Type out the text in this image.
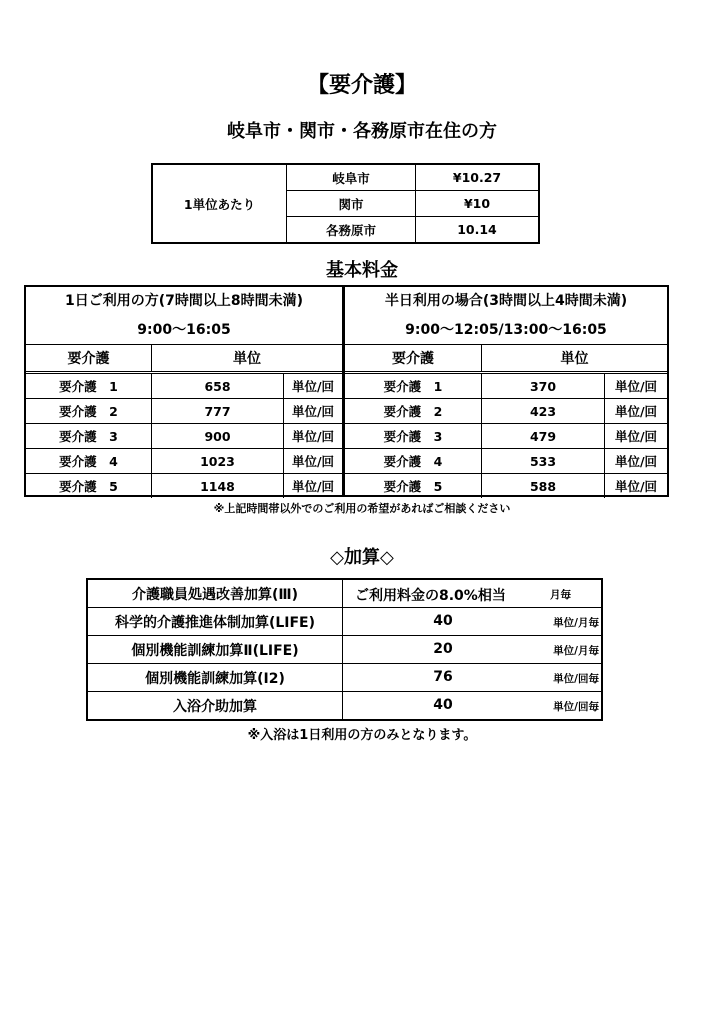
【要介護】
岐阜市・関市・各務原市在住の方
1単位あたり	岐阜市	¥10.27
	関市	¥10
	各務原市	10.14
基本料金
1日ご利用の方(7時間以上8時間未満)
9:00～16:05
要介護	単位	
要介護　1	658	単位/回
要介護　2	777	単位/回
要介護　3	900	単位/回
要介護　4	1023	単位/回
要介護　5	1148	単位/回
半日利用の場合(3時間以上4時間未満)
9:00～12:05/13:00～16:05
要介護	単位	
要介護　1	370	単位/回
要介護　2	423	単位/回
要介護　3	479	単位/回
要介護　4	533	単位/回
要介護　5	588	単位/回
※上記時間帯以外でのご利用の希望があればご相談ください
◇加算◇
介護職員処遇改善加算(Ⅲ)	ご利用料金の8.0%相当 月毎

科学的介護推進体制加算(LIFE)	40 単位/月毎

個別機能訓練加算Ⅱ(LIFE)	20 単位/月毎

個別機能訓練加算(Ⅰ2)	76 単位/回毎

入浴介助加算	40 単位/回毎
※入浴は1日利用の方のみとなります。
